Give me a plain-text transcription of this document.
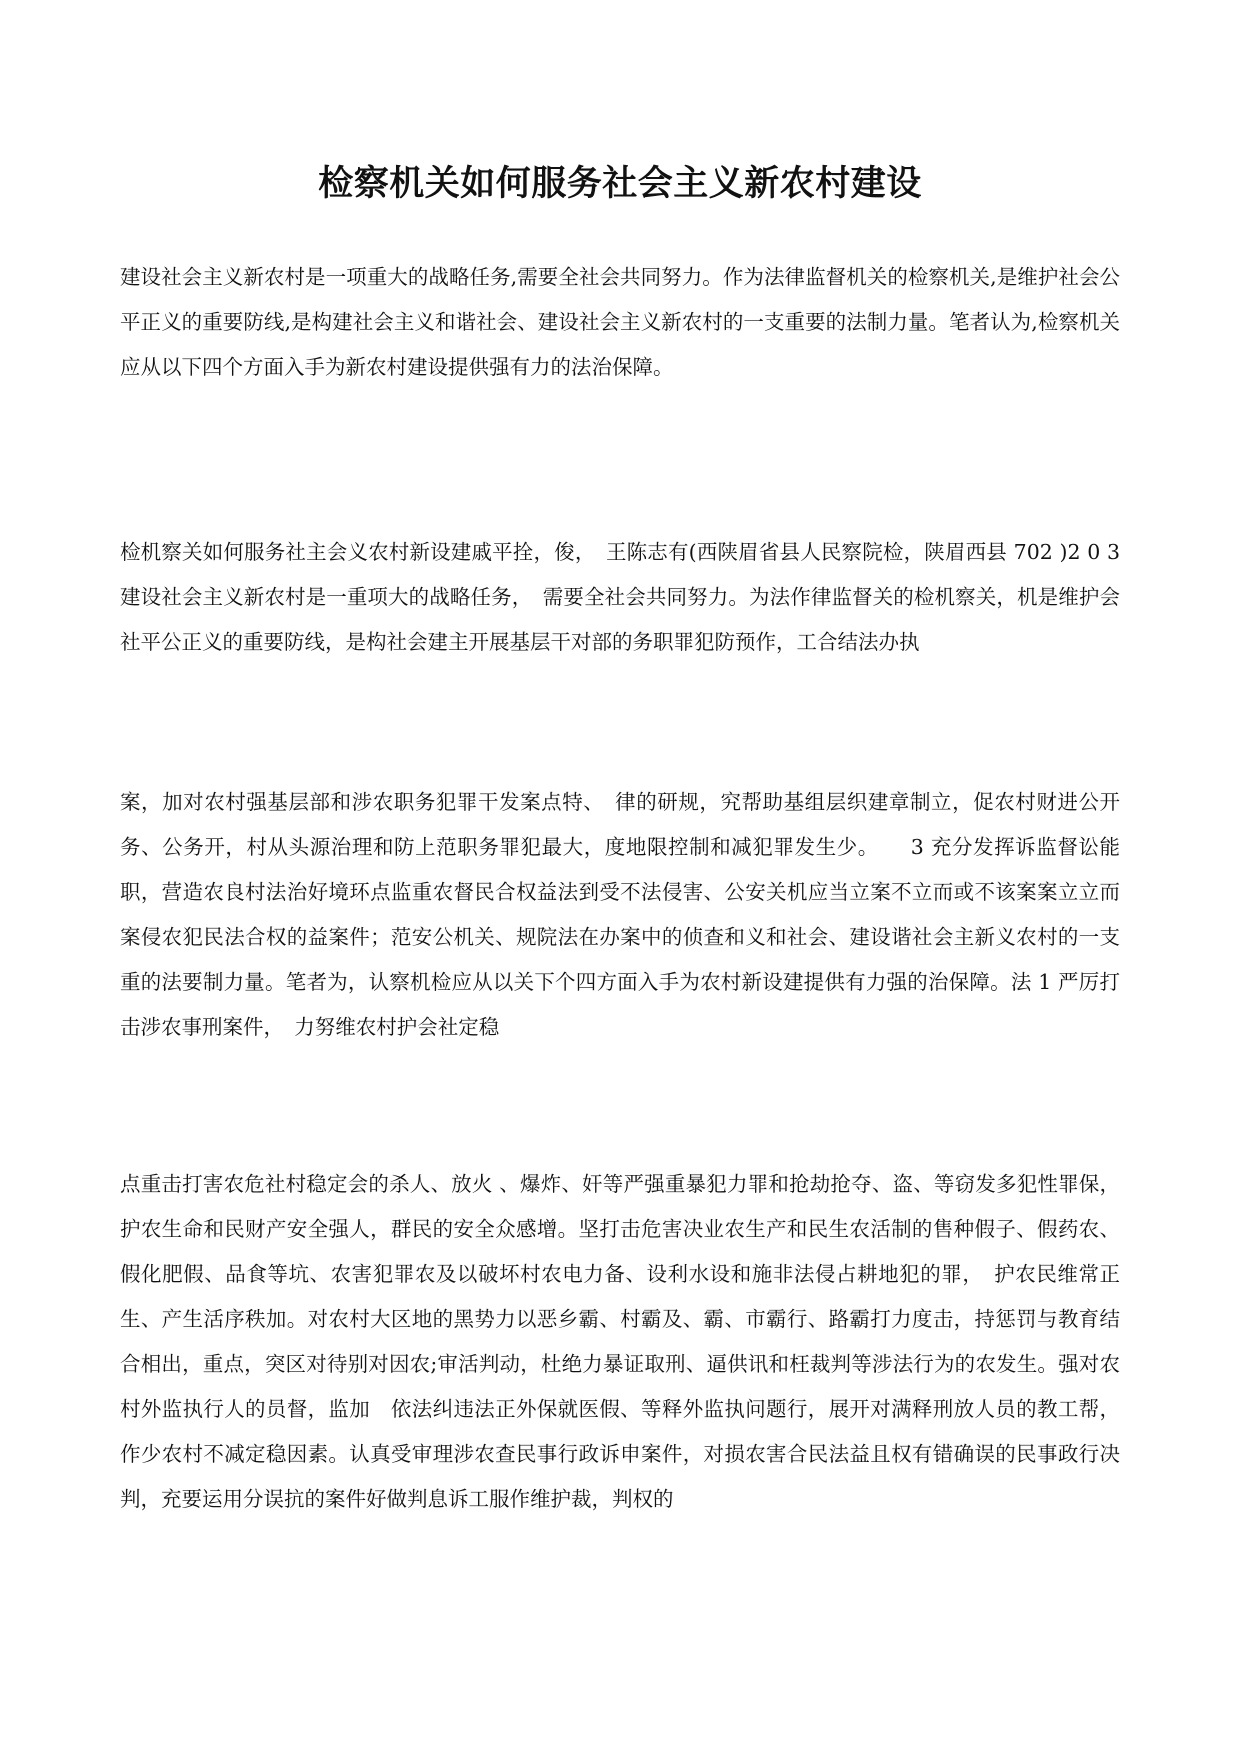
检察机关如何服务社会主义新农村建设

建设社会主义新农村是一项重大的战略任务,需要全社会共同努力。作为法律监督机关的检察机关,是维护社会公平正义的重要防线,是构建社会主义和谐社会、建设社会主义新农村的一支重要的法制力量。笔者认为,检察机关应从以下四个方面入手为新农村建设提供强有力的法治保障。

检机察关如何服务社主会义农村新设建戚平拴，俊，　王陈志有(西陕眉省县人民察院检，陕眉西县 702 )2 0 3 建设社会主义新农村是一重项大的战略任务，　需要全社会共同努力。为法作律监督关的检机察关，机是维护会社平公正义的重要防线，是构社会建主开展基层干对部的务职罪犯防预作，工合结法办执

案，加对农村强基层部和涉农职务犯罪干发案点特、　律的研规，究帮助基组层织建章制立，促农村财进公开务、公务开，村从头源治理和防上范职务罪犯最大，度地限控制和减犯罪发生少。　　3 充分发挥诉监督讼能职，营造农良村法治好境环点监重农督民合权益法到受不法侵害、公安关机应当立案不立而或不该案案立立而案侵农犯民法合权的益案件；范安公机关、规院法在办案中的侦查和义和社会、建设谐社会主新义农村的一支重的法要制力量。笔者为，认察机检应从以关下个四方面入手为农村新设建提供有力强的治保障。法 1 严厉打击涉农事刑案件，　力努维农村护会社定稳

点重击打害农危社村稳定会的杀人、放火 、爆炸、奸等严强重暴犯力罪和抢劫抢夺、盗、等窃发多犯性罪保，护农生命和民财产安全强人，群民的安全众感增。坚打击危害决业农生产和民生农活制的售种假子、假药农、假化肥假、品食等坑、农害犯罪农及以破坏村农电力备、设利水设和施非法侵占耕地犯的罪，　护农民维常正生、产生活序秩加。对农村大区地的黑势力以恶乡霸、村霸及、霸、市霸行、路霸打力度击，持惩罚与教育结合相出，重点，突区对待别对因农;审活判动，杜绝力暴证取刑、逼供讯和枉裁判等涉法行为的农发生。强对农村外监执行人的员督，监加　依法纠违法正外保就医假、等释外监执问题行，展开对满释刑放人员的教工帮，作少农村不减定稳因素。认真受审理涉农查民事行政诉申案件，对损农害合民法益且权有错确误的民事政行决判，充要运用分误抗的案件好做判息诉工服作维护裁，判权的
